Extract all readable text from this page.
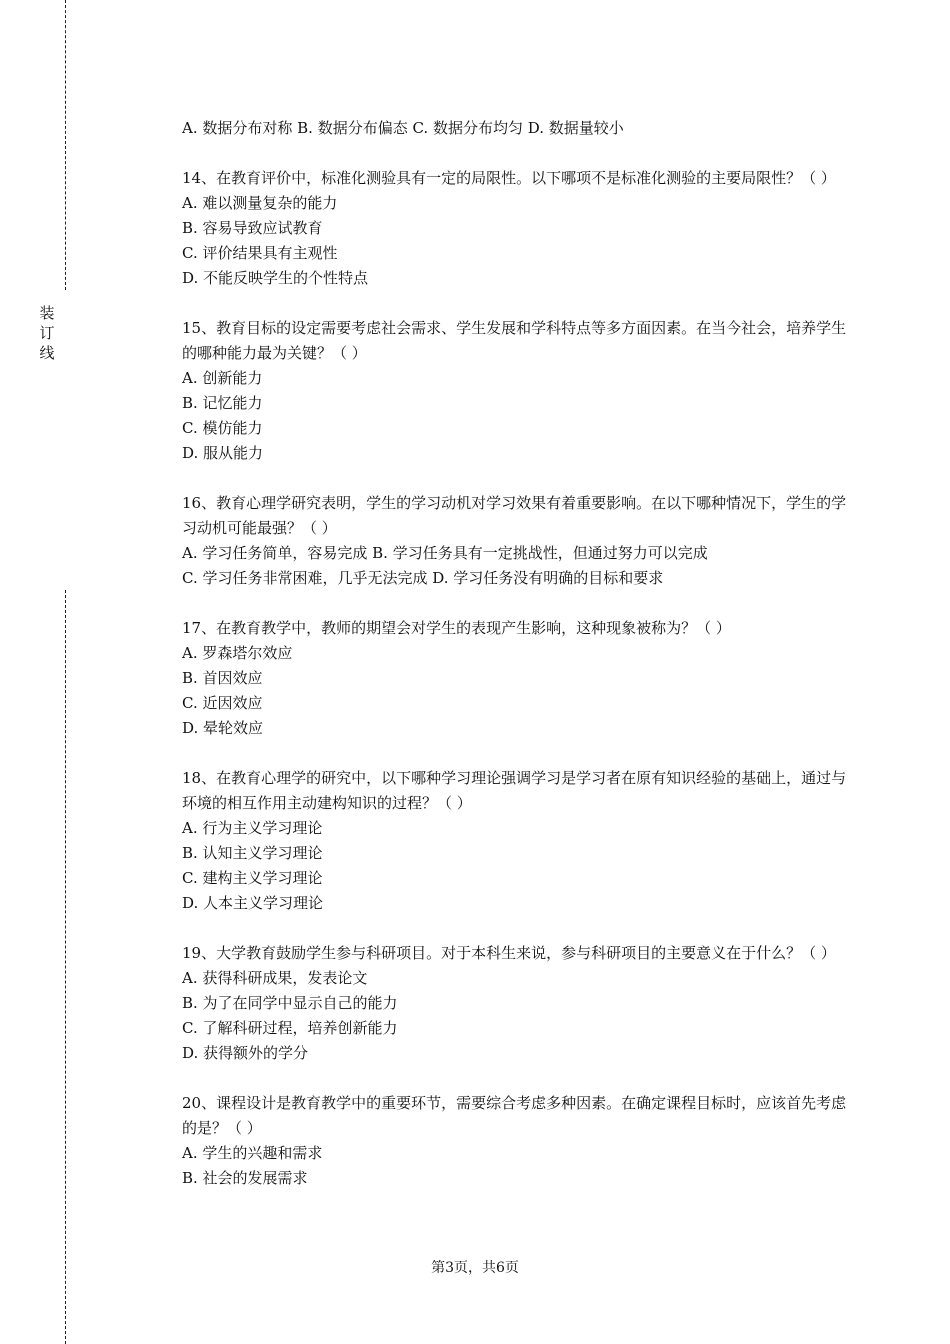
装
订
线
A. 数据分布对称 B. 数据分布偏态 C. 数据分布均匀 D. 数据量较小
14、在教育评价中，标准化测验具有一定的局限性。以下哪项不是标准化测验的主要局限性？（ ）
A. 难以测量复杂的能力
B. 容易导致应试教育
C. 评价结果具有主观性
D. 不能反映学生的个性特点
15、教育目标的设定需要考虑社会需求、学生发展和学科特点等多方面因素。在当今社会，培养学生的哪种能力最为关键？（ ）
A. 创新能力
B. 记忆能力
C. 模仿能力
D. 服从能力
16、教育心理学研究表明，学生的学习动机对学习效果有着重要影响。在以下哪种情况下，学生的学习动机可能最强？（ ）
A. 学习任务简单，容易完成 B. 学习任务具有一定挑战性，但通过努力可以完成
C. 学习任务非常困难，几乎无法完成 D. 学习任务没有明确的目标和要求
17、在教育教学中，教师的期望会对学生的表现产生影响，这种现象被称为？（ ）
A. 罗森塔尔效应
B. 首因效应
C. 近因效应
D. 晕轮效应
18、在教育心理学的研究中，以下哪种学习理论强调学习是学习者在原有知识经验的基础上，通过与环境的相互作用主动建构知识的过程？（ ）
A. 行为主义学习理论
B. 认知主义学习理论
C. 建构主义学习理论
D. 人本主义学习理论
19、大学教育鼓励学生参与科研项目。对于本科生来说，参与科研项目的主要意义在于什么？（ ）
A. 获得科研成果，发表论文
B. 为了在同学中显示自己的能力
C. 了解科研过程，培养创新能力
D. 获得额外的学分
20、课程设计是教育教学中的重要环节，需要综合考虑多种因素。在确定课程目标时，应该首先考虑的是？（ ）
A. 学生的兴趣和需求
B. 社会的发展需求
第3页，共6页
